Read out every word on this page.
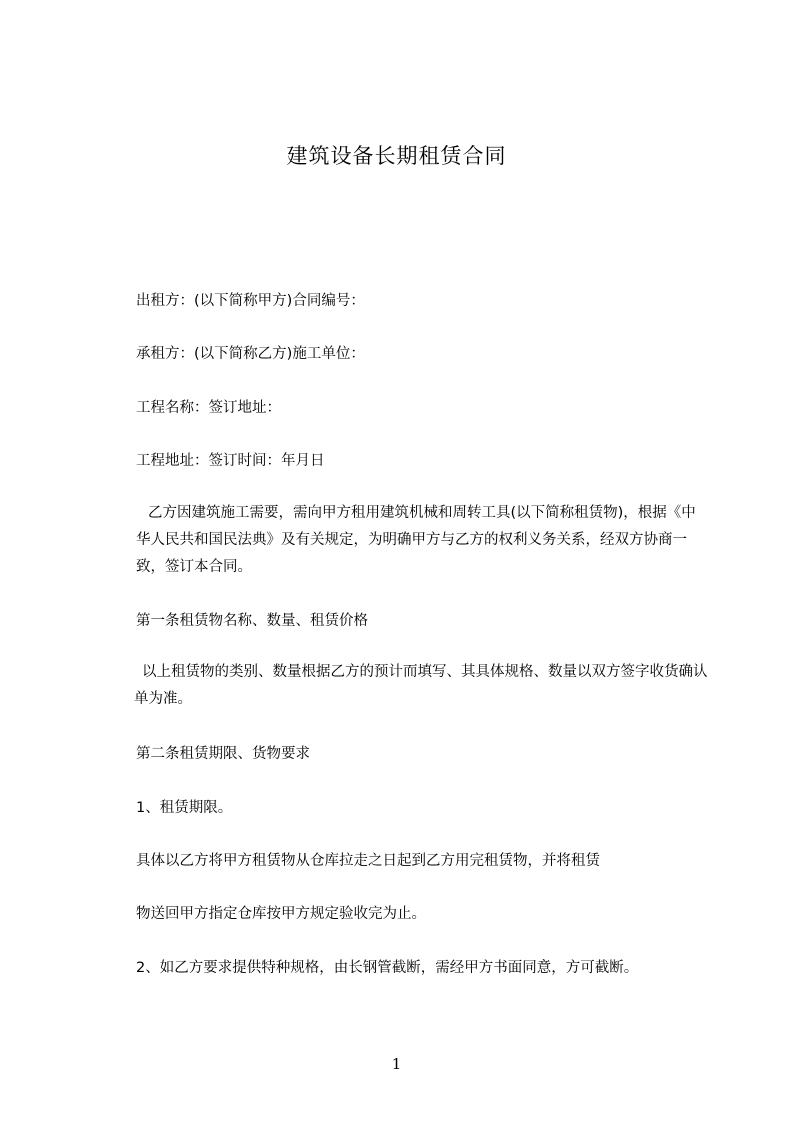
建筑设备长期租赁合同
出租方：(以下简称甲方)合同编号：
承租方：(以下简称乙方)施工单位：
工程名称：签订地址：
工程地址：签订时间：年月日
乙方因建筑施工需要，需向甲方租用建筑机械和周转工具(以下简称租赁物)，根据《中华人民共和国民法典》及有关规定，为明确甲方与乙方的权利义务关系，经双方协商一致，签订本合同。
第一条租赁物名称、数量、租赁价格
以上租赁物的类别、数量根据乙方的预计而填写、其具体规格、数量以双方签字收货确认单为准。
第二条租赁期限、货物要求
1、租赁期限。
具体以乙方将甲方租赁物从仓库拉走之日起到乙方用完租赁物，并将租赁
物送回甲方指定仓库按甲方规定验收完为止。
2、如乙方要求提供特种规格，由长钢管截断，需经甲方书面同意，方可截断。
1
